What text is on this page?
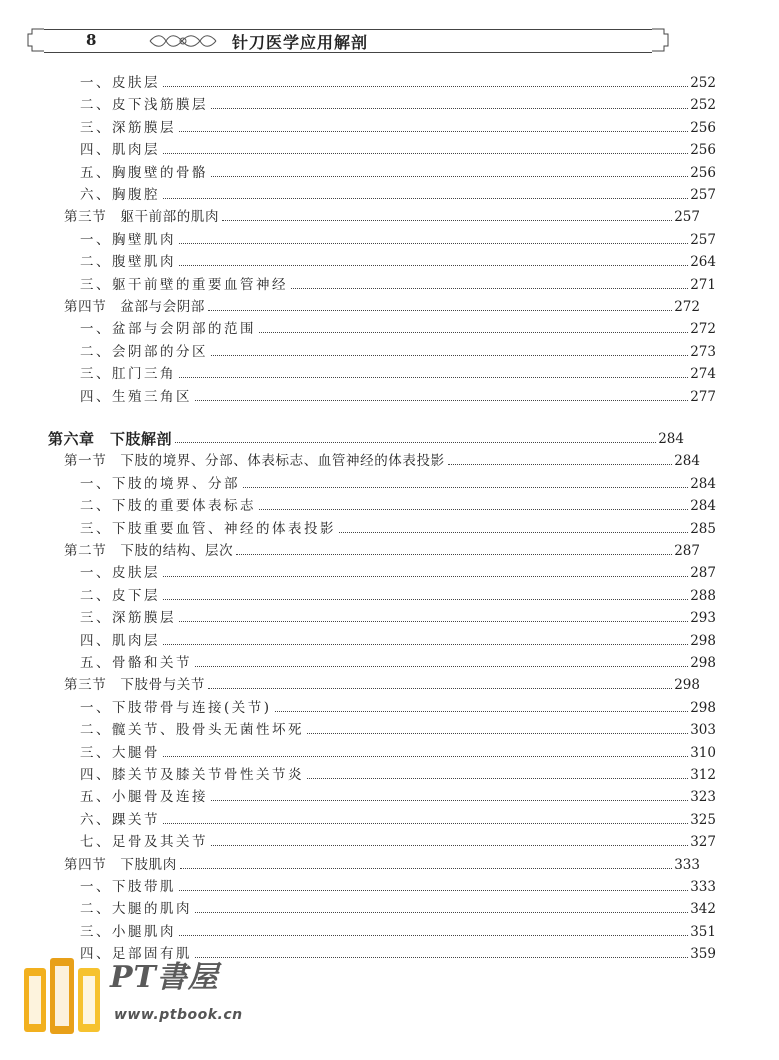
8	针刀医学应用解剖
一、皮肤层	252
二、皮下浅筋膜层	252
三、深筋膜层	256
四、肌肉层	256
五、胸腹壁的骨骼	256
六、胸腹腔	257
第三节　躯干前部的肌肉	257
一、胸壁肌肉	257
二、腹壁肌肉	264
三、躯干前壁的重要血管神经	271
第四节　盆部与会阴部	272
一、盆部与会阴部的范围	272
二、会阴部的分区	273
三、肛门三角	274
四、生殖三角区	277
第六章　下肢解剖	284
第一节　下肢的境界、分部、体表标志、血管神经的体表投影	284
一、下肢的境界、分部	284
二、下肢的重要体表标志	284
三、下肢重要血管、神经的体表投影	285
第二节　下肢的结构、层次	287
一、皮肤层	287
二、皮下层	288
三、深筋膜层	293
四、肌肉层	298
五、骨骼和关节	298
第三节　下肢骨与关节	298
一、下肢带骨与连接(关节)	298
二、髋关节、股骨头无菌性坏死	303
三、大腿骨	310
四、膝关节及膝关节骨性关节炎	312
五、小腿骨及连接	323
六、踝关节	325
七、足骨及其关节	327
第四节　下肢肌肉	333
一、下肢带肌	333
二、大腿的肌肉	342
三、小腿肌肉	351
四、足部固有肌	359
PT書屋
www.ptbook.cn
